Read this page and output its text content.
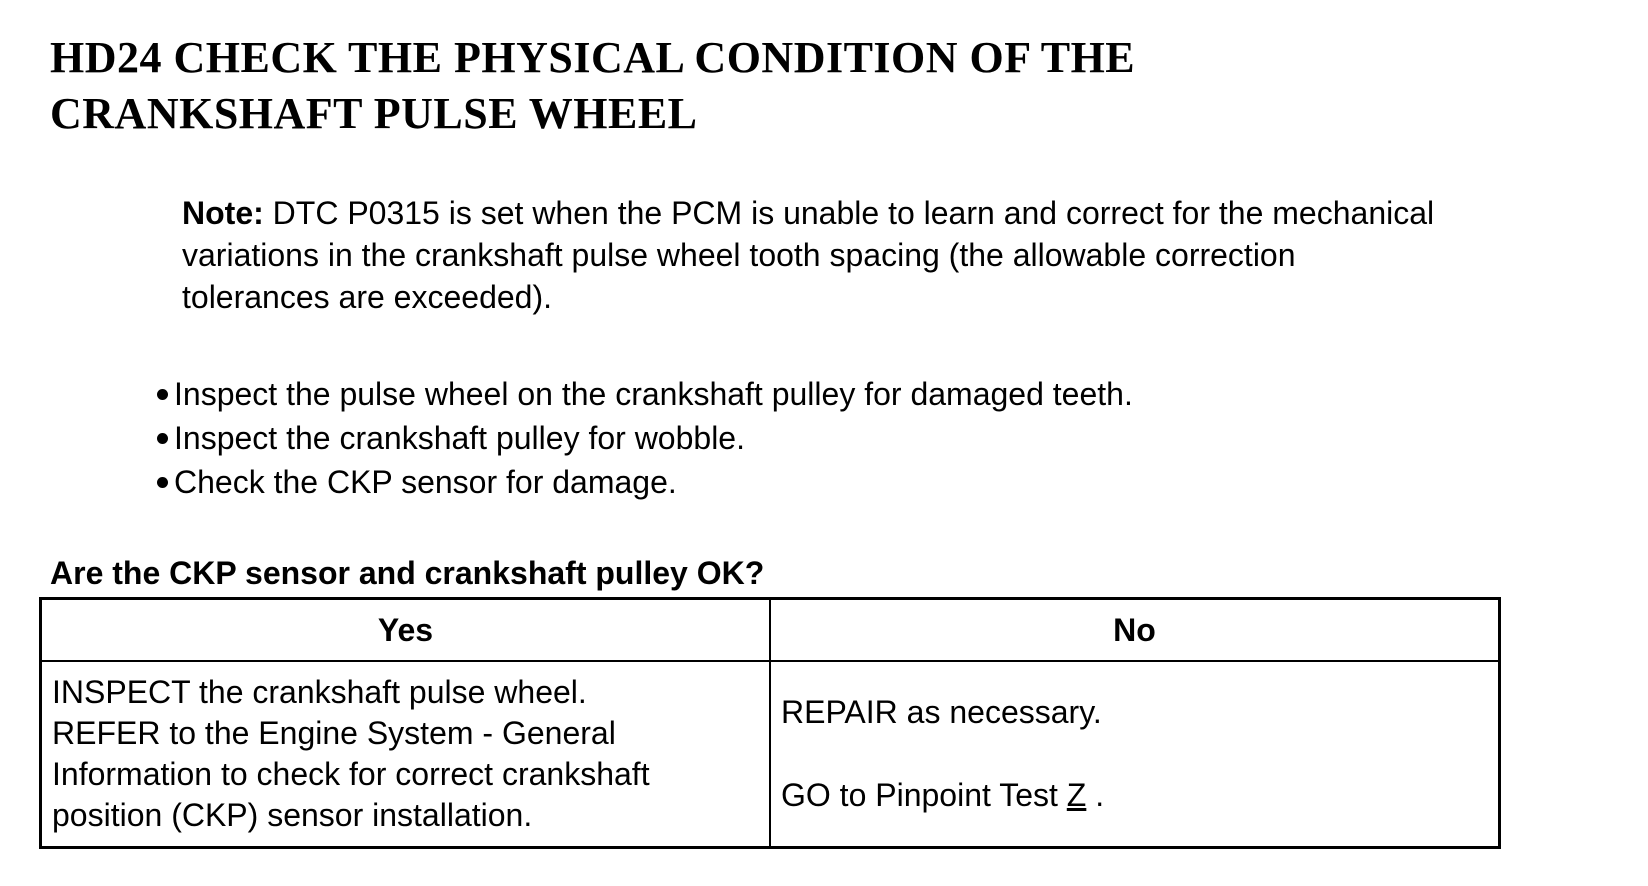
HD24 CHECK THE PHYSICAL CONDITION OF THE
CRANKSHAFT PULSE WHEEL
Note: DTC P0315 is set when the PCM is unable to learn and correct for the mechanical
variations in the crankshaft pulse wheel tooth spacing (the allowable correction
tolerances are exceeded).
Inspect the pulse wheel on the crankshaft pulley for damaged teeth.
Inspect the crankshaft pulley for wobble.
Check the CKP sensor for damage.

Are the CKP sensor and crankshaft pulley OK?

Yes	No

INSPECT the crankshaft pulse wheel.
REFER to the Engine System - General
Information to check for correct crankshaft
position (CKP) sensor installation.	REPAIR as necessary.
GO to Pinpoint Test Z .
